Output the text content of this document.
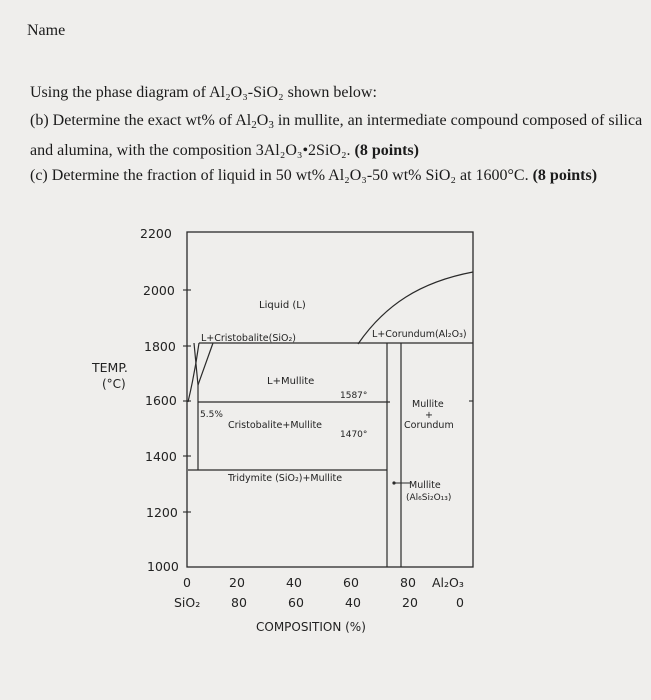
Name
Using the phase diagram of Al₂O₃-SiO₂ shown below:
(b) Determine the exact wt% of $Al_2O_3$ in mullite, an intermediate compound composed of silica
and alumina, with the composition 3Al₂O₃•2SiO₂. (8 points)
(c) Determine the fraction of liquid in 50 wt% Al₂O₃-50 wt% SiO₂ at 1600°C. (8 points)
2200
2000
1800
1600
1400
1200
1000
TEMP.
(°C)
0	20	40	60	80 Al₂O₃
SiO₂ 80	60	40	20	0
COMPOSITION (%)
Liquid (L)
L+Corundum(Al₂O₃)
L+Cristobalite(SiO₂)
L+Mullite
1587°
5.5%
Cristobalite+Mullite
1470°
Mullite
+
Corundum
Tridymite (SiO₂)+Mullite
Mullite
(Al₆Si₂O₁₃)
